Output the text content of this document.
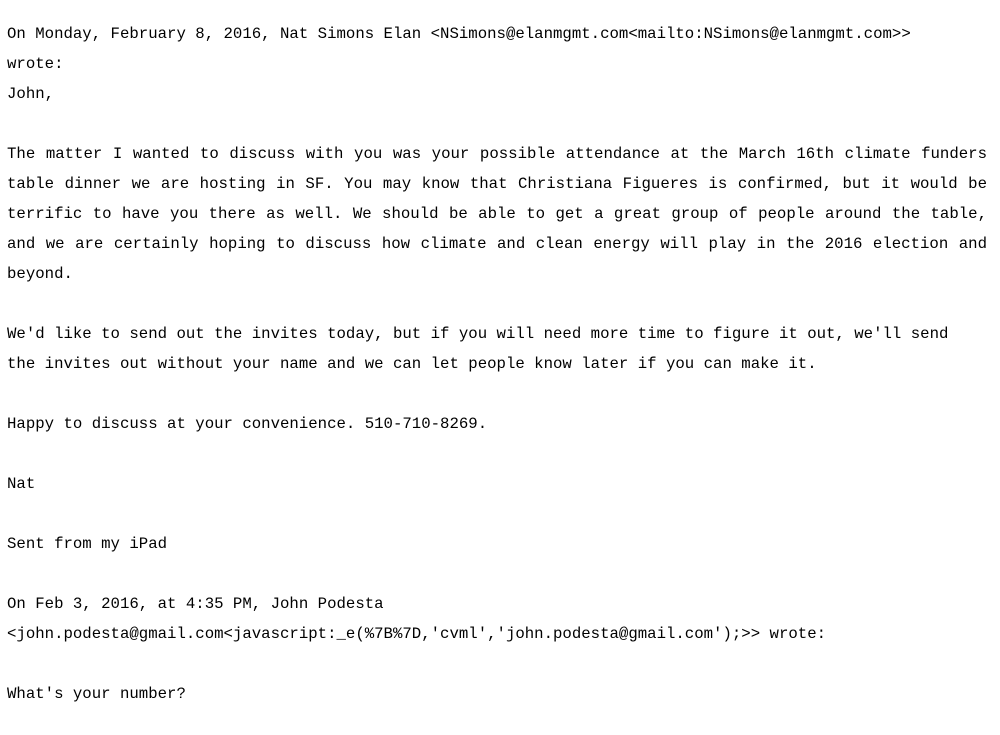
On Monday, February 8, 2016, Nat Simons Elan <NSimons@elanmgmt.com<mailto:NSimons@elanmgmt.com>>
wrote:
John,
The matter I wanted to discuss with you was your possible attendance at the March 16th climate funders
table dinner we are hosting in SF. You may know that Christiana Figueres is confirmed, but it would be
terrific to have you there as well. We should be able to get a great group of people around the table,
and we are certainly hoping to discuss how climate and clean energy will play in the 2016 election and
beyond.
We'd like to send out the invites today, but if you will need more time to figure it out, we'll send
the invites out without your name and we can let people know later if you can make it.
Happy to discuss at your convenience. 510-710-8269.
Nat
Sent from my iPad
On Feb 3, 2016, at 4:35 PM, John Podesta
<john.podesta@gmail.com<javascript:_e(%7B%7D,'cvml','john.podesta@gmail.com');>> wrote:
What's your number?
